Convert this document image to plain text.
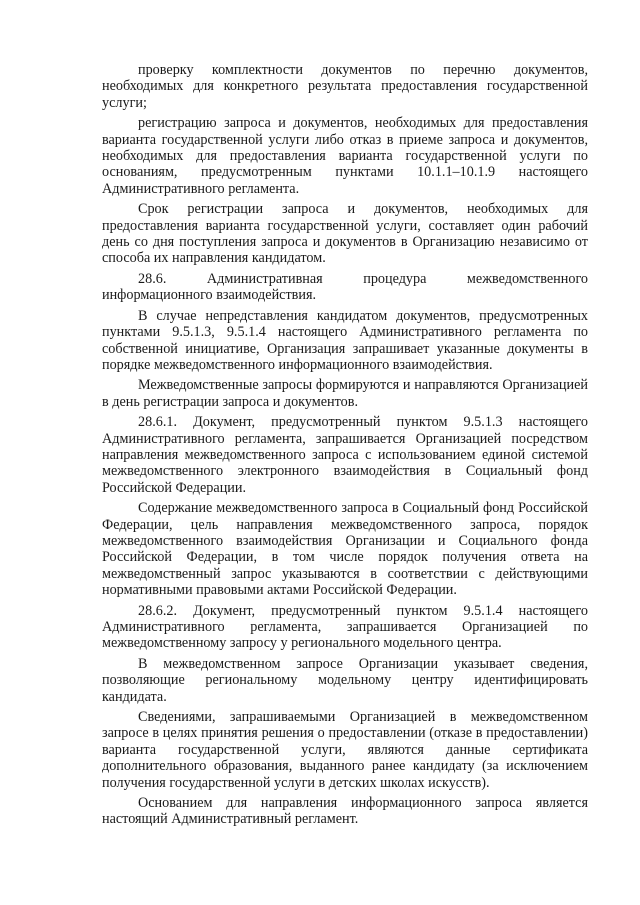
проверку комплектности документов по перечню документов, необходимых для конкретного результата предоставления государственной услуги;

регистрацию запроса и документов, необходимых для предоставления варианта государственной услуги либо отказ в приеме запроса и документов, необходимых для предоставления варианта государственной услуги по основаниям, предусмотренным пунктами 10.1.1–10.1.9 настоящего Административного регламента.

Срок регистрации запроса и документов, необходимых для предоставления варианта государственной услуги, составляет один рабочий день со дня поступления запроса и документов в Организацию независимо от способа их направления кандидатом.

28.6. Административная процедура межведомственного информационного взаимодействия.

В случае непредставления кандидатом документов, предусмотренных пунктами 9.5.1.3, 9.5.1.4 настоящего Административного регламента по собственной инициативе, Организация запрашивает указанные документы в порядке межведомственного информационного взаимодействия.

Межведомственные запросы формируются и направляются Организацией в день регистрации запроса и документов.

28.6.1. Документ, предусмотренный пунктом 9.5.1.3 настоящего Административного регламента, запрашивается Организацией посредством направления межведомственного запроса с использованием единой системой межведомственного электронного взаимодействия в Социальный фонд Российской Федерации.

Содержание межведомственного запроса в Социальный фонд Российской Федерации, цель направления межведомственного запроса, порядок межведомственного взаимодействия Организации и Социального фонда Российской Федерации, в том числе порядок получения ответа на межведомственный запрос указываются в соответствии с действующими нормативными правовыми актами Российской Федерации.

28.6.2. Документ, предусмотренный пунктом 9.5.1.4 настоящего Административного регламента, запрашивается Организацией по межведомственному запросу у регионального модельного центра.

В межведомственном запросе Организации указывает сведения, позволяющие региональному модельному центру идентифицировать кандидата.

Сведениями, запрашиваемыми Организацией в межведомственном запросе в целях принятия решения о предоставлении (отказе в предоставлении) варианта государственной услуги, являются данные сертификата дополнительного образования, выданного ранее кандидату (за исключением получения государственной услуги в детских школах искусств).

Основанием для направления информационного запроса является настоящий Административный регламент.
